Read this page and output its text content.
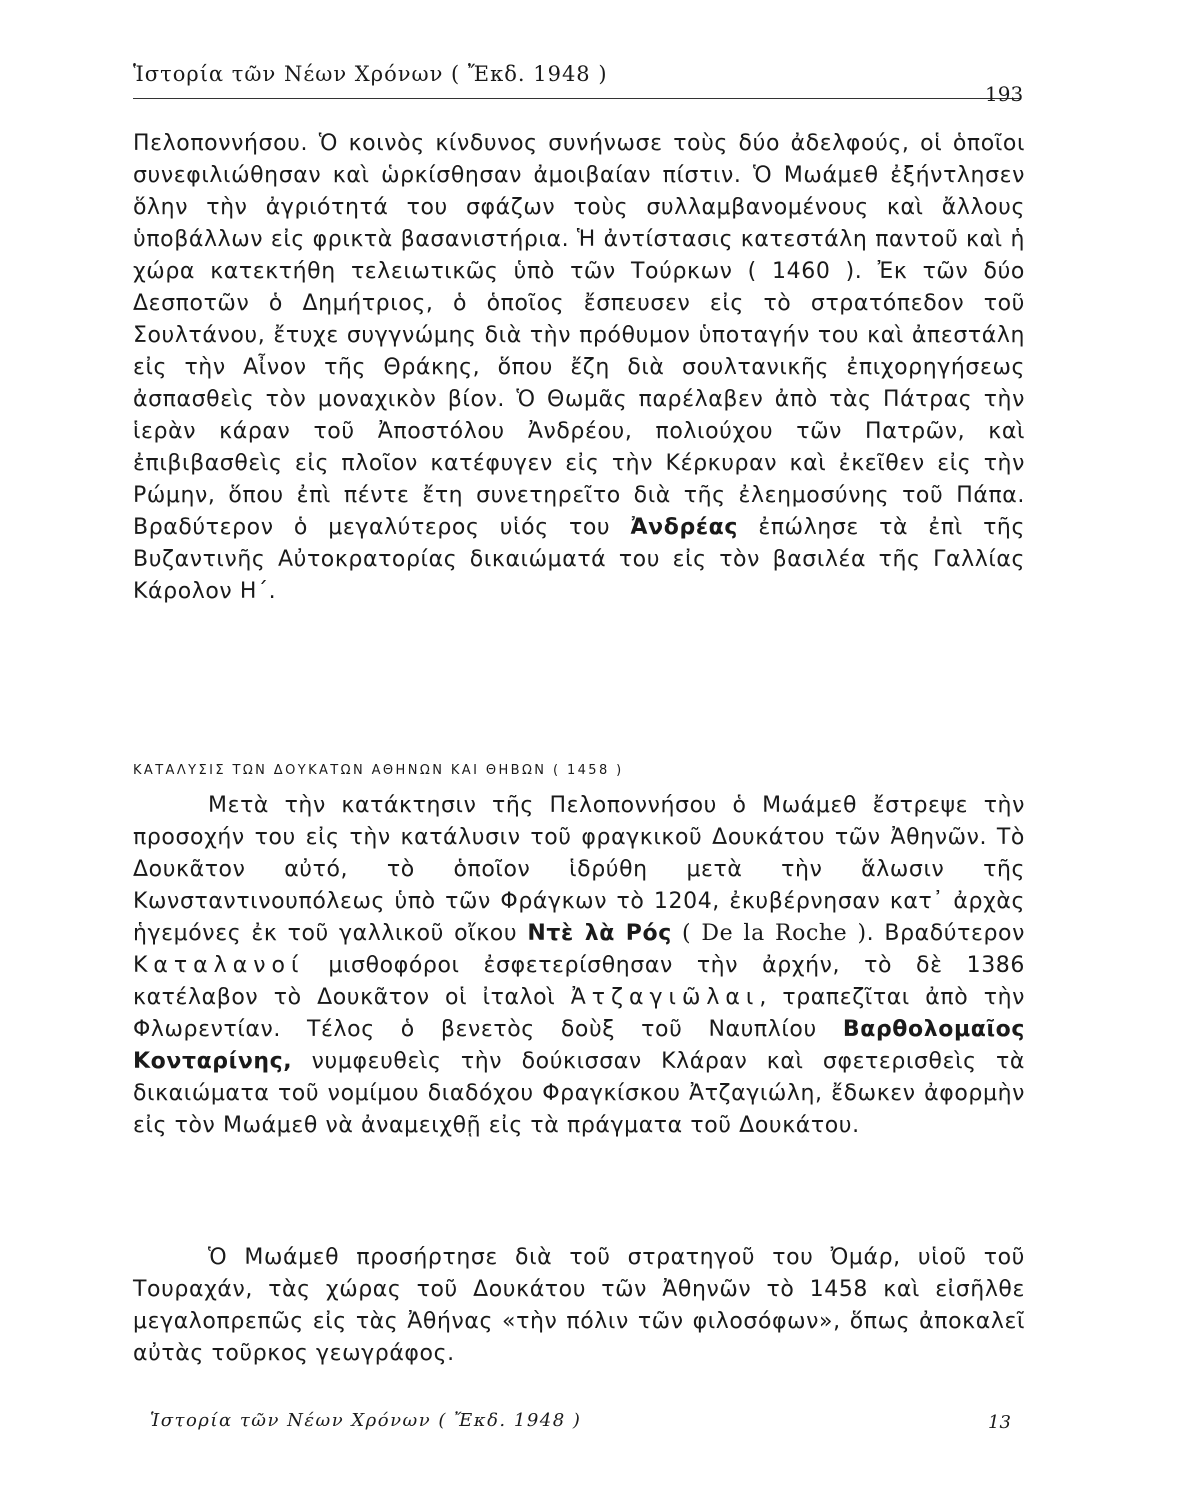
Ἱστορία τῶν Νέων Χρόνων ( Ἔκδ. 1948 )
193
Πελοποννήσου. Ὁ κοινὸς κίνδυνος συνήνωσε τοὺς δύο ἀδελφούς, οἱ ὁποῖοι συνεφιλιώθησαν καὶ ὡρκίσθησαν ἀμοιβαίαν πίστιν. Ὁ Μωάμεθ ἐξήντλησεν ὅλην τὴν ἀγριότητά του σφάζων τοὺς συλλαμβανομένους καὶ ἄλλους ὑποβάλλων εἰς φρικτὰ βασανιστήρια. Ἡ ἀντίστασις κατεστάλη παντοῦ καὶ ἡ χώρα κατεκτήθη τελειωτικῶς ὑπὸ τῶν Τούρκων ( 1460 ). Ἐκ τῶν δύο Δεσποτῶν ὁ Δημήτριος, ὁ ὁποῖος ἔσπευσεν εἰς τὸ στρατόπεδον τοῦ Σουλτάνου, ἔτυχε συγγνώμης διὰ τὴν πρόθυμον ὑποταγήν του καὶ ἀπεστάλη εἰς τὴν Αἶνον τῆς Θράκης, ὅπου ἔζη διὰ σουλτανικῆς ἐπιχορηγήσεως ἀσπασθεὶς τὸν μοναχικὸν βίον. Ὁ Θωμᾶς παρέλαβεν ἀπὸ τὰς Πάτρας τὴν ἱερὰν κάραν τοῦ Ἀποστόλου Ἀνδρέου, πολιούχου τῶν Πατρῶν, καὶ ἐπιβιβασθεὶς εἰς πλοῖον κατέφυγεν εἰς τὴν Κέρκυραν καὶ ἐκεῖθεν εἰς τὴν Ρώμην, ὅπου ἐπὶ πέντε ἔτη συνετηρεῖτο διὰ τῆς ἐλεημοσύνης τοῦ Πάπα. Βραδύτερον ὁ μεγαλύτερος υἱός του Ἀνδρέας ἐπώλησε τὰ ἐπὶ τῆς Βυζαντινῆς Αὐτοκρατορίας δικαιώματά του εἰς τὸν βασιλέα τῆς Γαλλίας Κάρολον Η΄.
ΚΑΤΑΛΥΣΙΣ ΤΩΝ ΔΟΥΚΑΤΩΝ ΑΘΗΝΩΝ ΚΑΙ ΘΗΒΩΝ ( 1458 )
Μετὰ τὴν κατάκτησιν τῆς Πελοποννήσου ὁ Μωάμεθ ἔστρεψε τὴν προσοχήν του εἰς τὴν κατάλυσιν τοῦ φραγκικοῦ Δουκάτου τῶν Ἀθηνῶν. Τὸ Δουκᾶτον αὐτό, τὸ ὁποῖον ἱδρύθη μετὰ τὴν ἅλωσιν τῆς Κωνσταντινουπόλεως ὑπὸ τῶν Φράγκων τὸ 1204, ἐκυβέρνησαν κατ᾽ ἀρχὰς ἡγεμόνες ἐκ τοῦ γαλλικοῦ οἴκου Ντὲ λὰ Ρός ( De la Roche ). Βραδύτερον Καταλανοί μισθοφόροι ἐσφετερίσθησαν τὴν ἀρχήν, τὸ δὲ 1386 κατέλαβον τὸ Δουκᾶτον οἱ ἰταλοὶ Ἀτζαγιῶλαι, τραπεζῖται ἀπὸ τὴν Φλωρεντίαν. Τέλος ὁ βενετὸς δοὺξ τοῦ Ναυπλίου Βαρθολομαῖος Κονταρίνης, νυμφευθεὶς τὴν δούκισσαν Κλάραν καὶ σφετερισθεὶς τὰ δικαιώματα τοῦ νομίμου διαδόχου Φραγκίσκου Ἀτζαγιώλη, ἔδωκεν ἀφορμὴν εἰς τὸν Μωάμεθ νὰ ἀναμειχθῇ εἰς τὰ πράγματα τοῦ Δουκάτου.
Ὁ Μωάμεθ προσήρτησε διὰ τοῦ στρατηγοῦ του Ὀμάρ, υἱοῦ τοῦ Τουραχάν, τὰς χώρας τοῦ Δουκάτου τῶν Ἀθηνῶν τὸ 1458 καὶ εἰσῆλθε μεγαλοπρεπῶς εἰς τὰς Ἀθήνας «τὴν πόλιν τῶν φιλοσόφων», ὅπως ἀποκαλεῖ αὐτὰς τοῦρκος γεωγράφος.
Ἱστορία τῶν Νέων Χρόνων ( Ἔκδ. 1948 )	13
